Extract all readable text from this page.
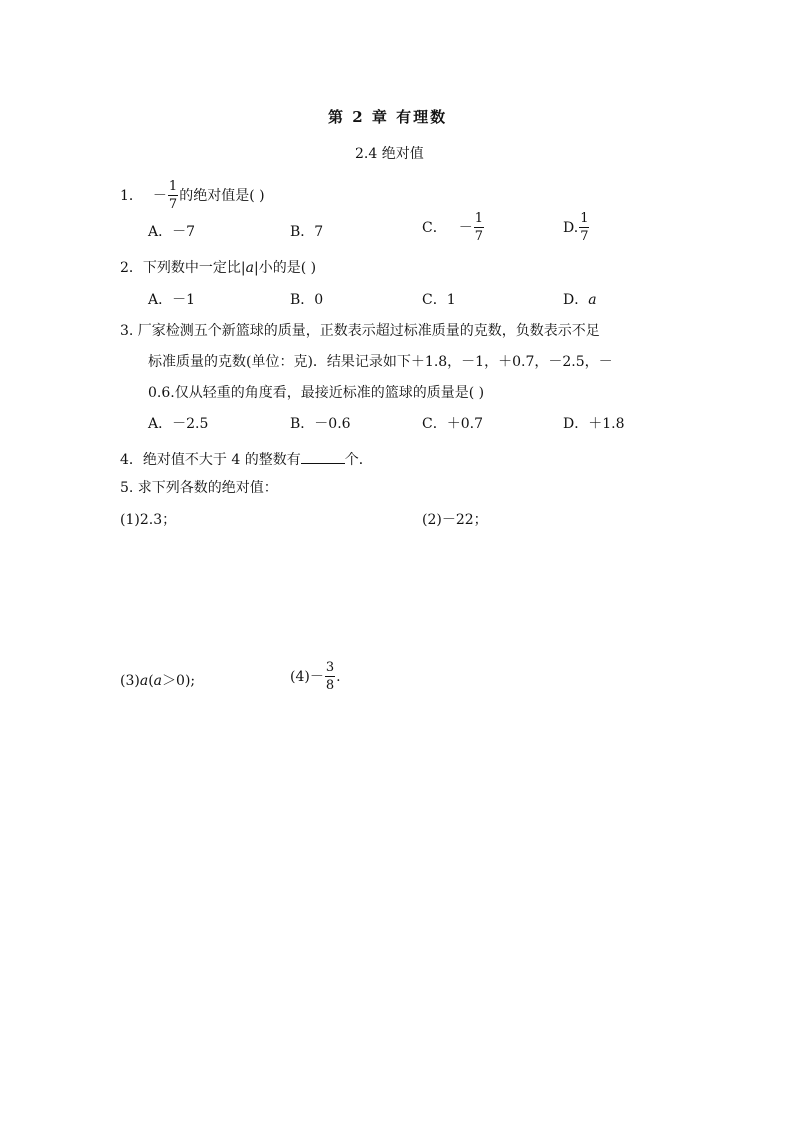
第 2 章 有理数
2.4 绝对值
1． － $\frac{1}{7}$ 的绝对值是( )
A．－7	B．7	C． － $\frac{1}{7}$	D. $\frac{1}{7}$
2．下列数中一定比|a|小的是( )
A．－1	B．0	C．1	D．a
3. 厂家检测五个新篮球的质量，正数表示超过标准质量的克数，负数表示不足
标准质量的克数(单位：克)．结果记录如下＋1.8，－1，＋0.7，－2.5，－
0.6.仅从轻重的角度看，最接近标准的篮球的质量是( )
A．－2.5	B．－0.6	C．＋0.7	D．＋1.8
4．绝对值不大于 4 的整数有	个．
5. 求下列各数的绝对值：
(1)2.3；	(2)－22；
(3)a(a＞0);	$(4)- \frac{3}{8}$ .
